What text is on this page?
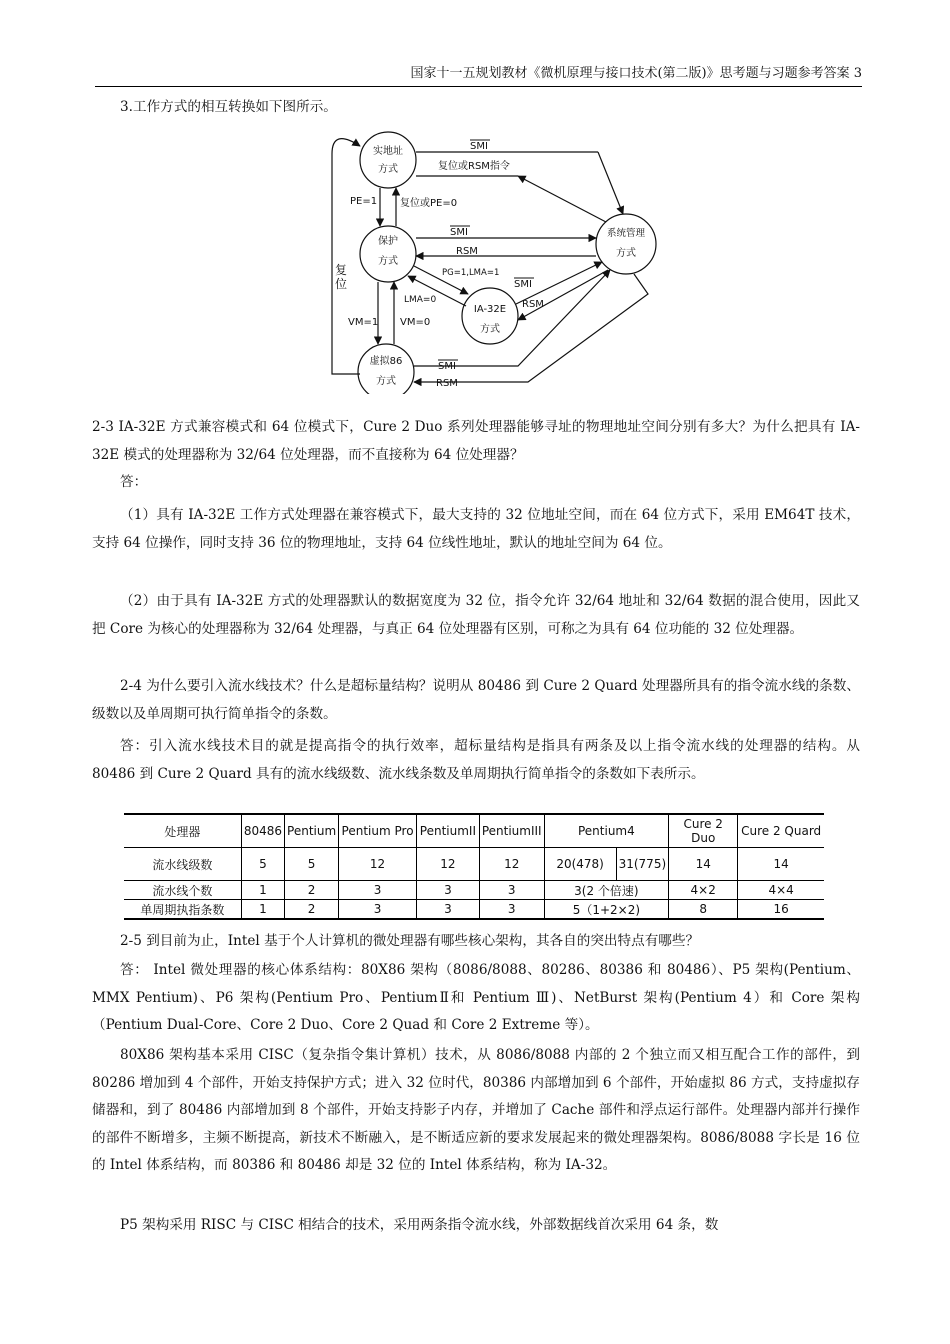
国家十一五规划教材《微机原理与接口技术(第二版)》思考题与习题参考答案 3
3.工作方式的相互转换如下图所示。
实地址
方式
保护
方式
系统管理
方式
IA-32E
方式
虚拟86
方式
SMI
复位或RSM指令
PE=1 复位或PE=0
SMI
RSM
PG=1,LMA=1
SMI
RSM
LMA=0
VM=1 VM=0
SMI
RSM
复
位
2-3 IA-32E 方式兼容模式和 64 位模式下，Cure 2 Duo 系列处理器能够寻址的物理地址空间分别有多大？为什么把具有 IA-32E 模式的处理器称为 32/64 位处理器，而不直接称为 64 位处理器？
答：
（1）具有 IA-32E 工作方式处理器在兼容模式下，最大支持的 32 位地址空间，而在 64 位方式下，采用 EM64T 技术，支持 64 位操作，同时支持 36 位的物理地址，支持 64 位线性地址，默认的地址空间为 64 位。
（2）由于具有 IA-32E 方式的处理器默认的数据宽度为 32 位，指令允许 32/64 地址和 32/64 数据的混合使用，因此又把 Core 为核心的处理器称为 32/64 处理器，与真正 64 位处理器有区别，可称之为具有 64 位功能的 32 位处理器。
2-4 为什么要引入流水线技术？什么是超标量结构？说明从 80486 到 Cure 2 Quard 处理器所具有的指令流水线的条数、级数以及单周期可执行简单指令的条数。
答：引入流水线技术目的就是提高指令的执行效率，超标量结构是指具有两条及以上指令流水线的处理器的结构。从 80486 到 Cure 2 Quard 具有的流水线级数、流水线条数及单周期执行简单指令的条数如下表所示。
处理器	80486	Pentium	Pentium Pro	PentiumII	PentiumIII	Pentium4		Cure 2 Duo	Cure 2 Quard
流水线级数	5	5	12	12	12	20(478)	31(775)	14	14
流水线个数	1	2	3	3	3	3(2 个倍速)		4×2	4×4
单周期执指条数	1	2	3	3	3	5（1+2×2)		8	16
2-5 到目前为止，Intel 基于个人计算机的微处理器有哪些核心架构，其各自的突出特点有哪些？
答： Intel 微处理器的核心体系结构：80X86 架构（8086/8088、80286、80386 和 80486）、P5 架构(Pentium、MMX Pentium)、P6 架构(Pentium Pro、PentiumⅡ和 Pentium Ⅲ)、NetBurst 架构(Pentium 4）和 Core 架构（Pentium Dual-Core、Core 2 Duo、Core 2 Quad 和 Core 2 Extreme 等）。
80X86 架构基本采用 CISC（复杂指令集计算机）技术，从 8086/8088 内部的 2 个独立而又相互配合工作的部件，到 80286 增加到 4 个部件，开始支持保护方式；进入 32 位时代，80386 内部增加到 6 个部件，开始虚拟 86 方式，支持虚拟存储器和，到了 80486 内部增加到 8 个部件，开始支持影子内存，并增加了 Cache 部件和浮点运行部件。处理器内部并行操作的部件不断增多，主频不断提高，新技术不断融入，是不断适应新的要求发展起来的微处理器架构。8086/8088 字长是 16 位的 Intel 体系结构，而 80386 和 80486 却是 32 位的 Intel 体系结构，称为 IA-32。
P5 架构采用 RISC 与 CISC 相结合的技术，采用两条指令流水线，外部数据线首次采用 64 条，数
